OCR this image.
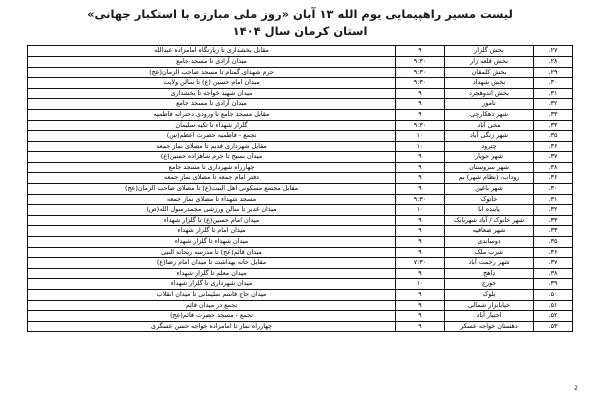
لیست مسیر راهپیمایی یوم الله ۱۳ آبان «روز ملی مبارزه با استکبار جهانی»
استان کرمان سال ۱۴۰۴
۲۷.	بخش گلزار	۹	مقابل بخشداری تا زیارتگاه امامزاده عبدالله
۲۸.	بخش قلعه زار	۹:۳۰	میدان آزادی تا مسجد جامع
۲۹.	بخش کلمقان	۹:۳۰	حرم شهدای گمنام تا مسجد صاحب الزمان(عج)
۳۰.	بخش شهداد	۹:۳۰	میدان امام حسین (ع) تا سالن ولایت
۳۱.	بخش اندوهجرد	۹	میدان شهید خواجه تا بخشداری
۳۲.	نامور	۹	میدان آزادی تا مسجد جامع
۳۳.	شهر دهکارچی	۹	مقابل مسجد جامع تا ورودی دخترانه فاطمیه
۳۳.	محی آباد	۹:۳۰	گلزار شهداء تا تکیه سلیمان
۳۵.	شهر زنگی آباد	۱۰	تجمع - فاطمیه حضرت اعظم(س)
۳۶.	چترود	۱۰	مقابل شهرداری قدیم تا مصلای نماز جمعه
۳۷.	شهر جوپار	۹	میدان بسیج تا حرم شاهزاده حسین(ع)
۳۸.	شهر سروستان	۹	چهارراه شهرداری تا مسجد جامع
۳۶.	روداب، (نظام شهر) بم	۹	دفتر امام جمعه تا مصلای نماز جمعه
۳۰.	شهر باغین	۹	مقابل مجتمع مسکونی اهل البیت(ع) تا مصلای صاحب الزمان(عج)
۳۱.	خانوک	۹:۳۰	مسجد شهداء تا مصلای نماز جمعه
۳۲.	پاینده ابا	۱۰	میدان غدیر تا سالن ورزشی محمدرسول الله(ص)
۳۳.	شهر خانوک / آباد شهربابک	۹	میدان امام حسین(ع) تا گلزار شهداء
۳۳.	شهر صعافیه	۹	میدان امام تا گلزار شهداء
۳۵.	دوساندی	۹	میدان شهداء تا گلزار شهداء
۳۶.	شرب ملک	۹	میدان قائم(عج) تا مدرسه ریحانه النبی
۳۷.	شهر رحمت آباد	۷:۳۰	مقابل خانه بهداشت تا میدان امام رضا(ع)
۳۸.	داهج	۹	میدان معلم تا گلزار شهداء
۳۹.	خورج	۱۰	میدان شهرداری تا گلزار شهداء
۵۰.	بلوک	۹	میدان حاج قاسم سلیمانی تا میدان انقلاب
۵۱.	خیابانزار شمالی	۹	تجمع در میدان قائم
۵۲.	اختیار آباد	۹	تجمع - مسجد حضرت قائم(عج)
۵۳.	دهستان خواجه عسکر	۹	چهارراه نماز تا امامزاده خواجه حسن عسگری
2
